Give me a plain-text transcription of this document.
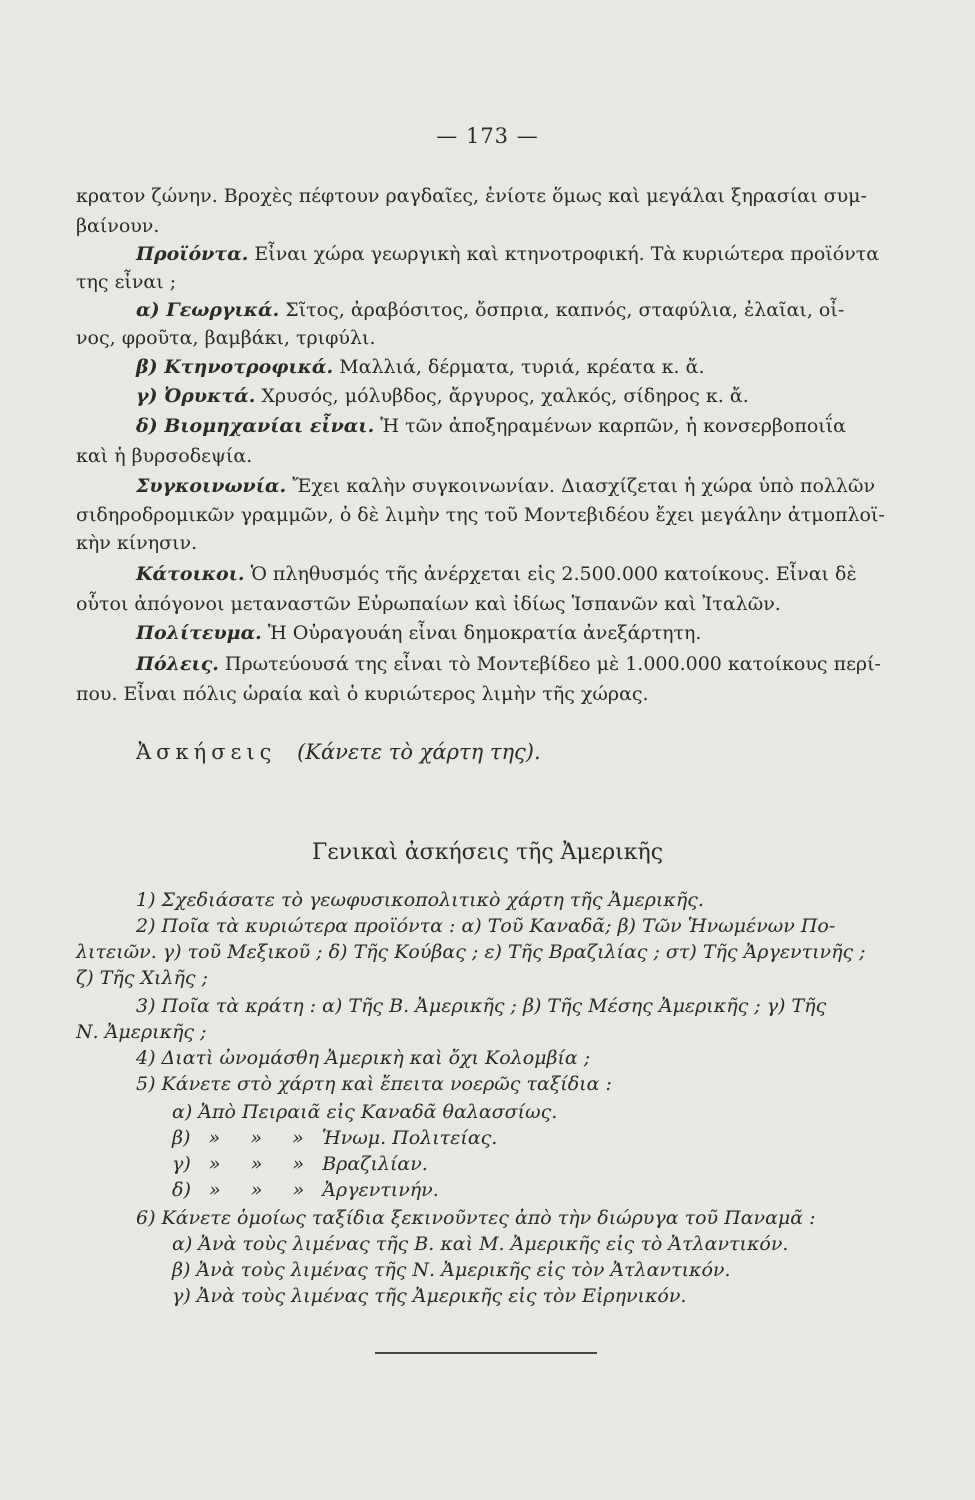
— 173 —
κρατον ζώνην. Βροχὲς πέφτουν ραγδαῖες, ἐνίοτε ὅμως καὶ μεγάλαι ξηρασίαι συμ-
βαίνουν.
Προϊόντα. Εἶναι χώρα γεωργικὴ καὶ κτηνοτροφική. Τὰ κυριώτερα προϊόντα
της εἶναι ;
α) Γεωργικά. Σῖτος, ἀραβόσιτος, ὄσπρια, καπνός, σταφύλια, ἐλαῖαι, οἶ-
νος, φροῦτα, βαμβάκι, τριφύλι.
β) Κτηνοτροφικά. Μαλλιά, δέρματα, τυριά, κρέατα κ. ἄ.
γ) Ὀρυκτά. Χρυσός, μόλυβδος, ἄργυρος, χαλκός, σίδηρος κ. ἄ.
δ) Βιομηχανίαι εἶναι. Ἡ τῶν ἀποξηραμένων καρπῶν, ἡ κονσερβοποιΐα
καὶ ἡ βυρσοδεψία.
Συγκοινωνία. Ἔχει καλὴν συγκοινωνίαν. Διασχίζεται ἡ χώρα ὑπὸ πολλῶν
σιδηροδρομικῶν γραμμῶν, ὁ δὲ λιμὴν της τοῦ Μοντεβιδέου ἔχει μεγάλην ἀτμοπλοϊ-
κὴν κίνησιν.
Κάτοικοι. Ὁ πληθυσμός τῆς ἀνέρχεται εἰς 2.500.000 κατοίκους. Εἶναι δὲ
οὗτοι ἀπόγονοι μεταναστῶν Εὐρωπαίων καὶ ἰδίως Ἱσπανῶν καὶ Ἰταλῶν.
Πολίτευμα. Ἡ Οὐραγουάη εἶναι δημοκρατία ἀνεξάρτητη.
Πόλεις. Πρωτεύουσά της εἶναι τὸ Μοντεβίδεο μὲ 1.000.000 κατοίκους περί-
που. Εἶναι πόλις ὡραία καὶ ὁ κυριώτερος λιμὴν τῆς χώρας.
Ἀσκήσεις (Κάνετε τὸ χάρτη της).
Γενικαὶ ἀσκήσεις τῆς Ἀμερικῆς
1) Σχεδιάσατε τὸ γεωφυσικοπολιτικὸ χάρτη τῆς Ἀμερικῆς.
2) Ποῖα τὰ κυριώτερα προϊόντα : α) Τοῦ Καναδᾶ; β) Τῶν Ἡνωμένων Πο-
λιτειῶν. γ) τοῦ Μεξικοῦ ; δ) Τῆς Κούβας ; ε) Τῆς Βραζιλίας ; στ) Τῆς Ἀργεντινῆς ;
ζ) Τῆς Χιλῆς ;
3) Ποῖα τὰ κράτη : α) Τῆς Β. Ἀμερικῆς ; β) Τῆς Μέσης Ἀμερικῆς ; γ) Τῆς
Ν. Ἀμερικῆς ;
4) Διατὶ ὠνομάσθη Ἀμερικὴ καὶ ὄχι Κολομβία ;
5) Κάνετε στὸ χάρτη καὶ ἔπειτα νοερῶς ταξίδια :
α) Ἀπὸ Πειραιᾶ εἰς Καναδᾶ θαλασσίως.
β)   »     »     » Ἡνωμ. Πολιτείας.
γ)   »     »     » Βραζιλίαν.
δ)   »     »     » Ἀργεντινήν.
6) Κάνετε ὁμοίως ταξίδια ξεκινοῦντες ἀπὸ τὴν διώρυγα τοῦ Παναμᾶ :
α) Ἀνὰ τοὺς λιμένας τῆς Β. καὶ Μ. Ἀμερικῆς εἰς τὸ Ἀτλαντικόν.
β) Ἀνὰ τοὺς λιμένας τῆς Ν. Ἀμερικῆς εἰς τὸν Ἀτλαντικόν.
γ) Ἀνὰ τοὺς λιμένας τῆς Ἀμερικῆς εἰς τὸν Εἰρηνικόν.
